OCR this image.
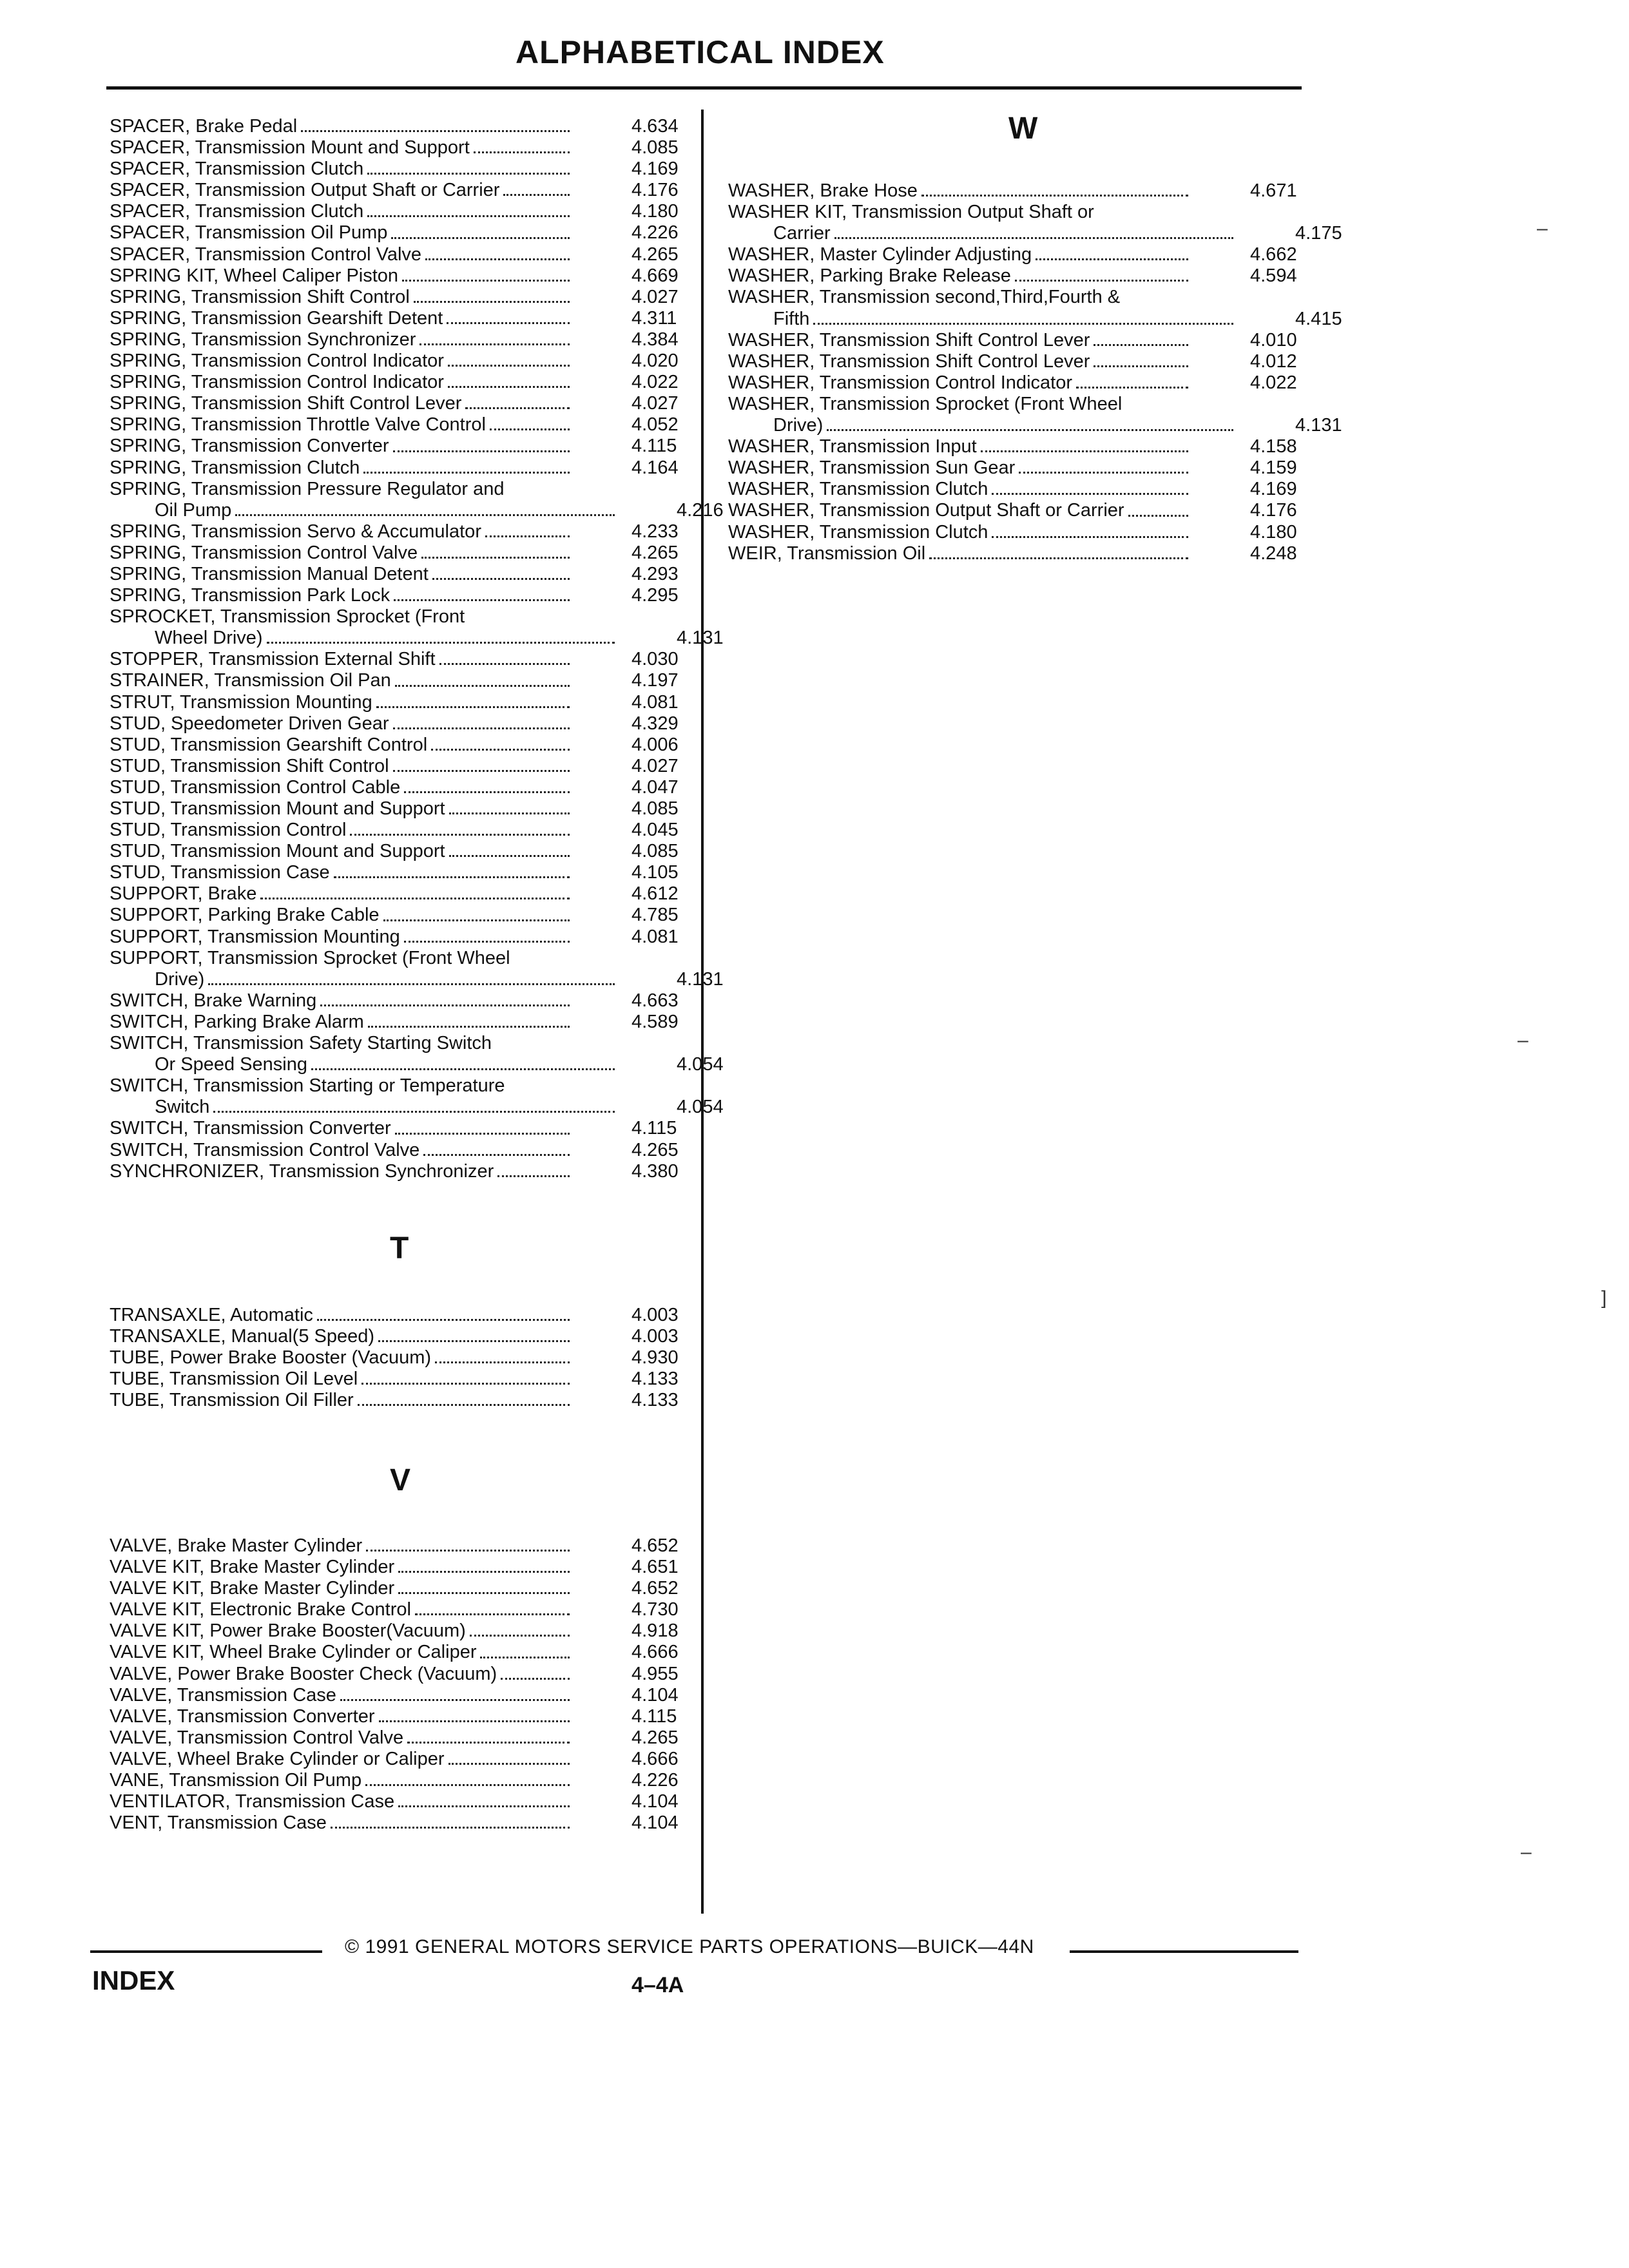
ALPHABETICAL INDEX
SPACER, Brake Pedal	4.634
SPACER, Transmission Mount and Support	4.085
SPACER, Transmission Clutch	4.169
SPACER, Transmission Output Shaft or Carrier	4.176
SPACER, Transmission Clutch	4.180
SPACER, Transmission Oil Pump	4.226
SPACER, Transmission Control Valve	4.265
SPRING KIT, Wheel Caliper Piston	4.669
SPRING, Transmission Shift Control	4.027
SPRING, Transmission Gearshift Detent	4.311
SPRING, Transmission Synchronizer	4.384
SPRING, Transmission Control Indicator	4.020
SPRING, Transmission Control Indicator	4.022
SPRING, Transmission Shift Control Lever	4.027
SPRING, Transmission Throttle Valve Control	4.052
SPRING, Transmission Converter	4.115
SPRING, Transmission Clutch	4.164
SPRING, Transmission Pressure Regulator and
Oil Pump	4.216
SPRING, Transmission Servo & Accumulator	4.233
SPRING, Transmission Control Valve	4.265
SPRING, Transmission Manual Detent	4.293
SPRING, Transmission Park Lock	4.295
SPROCKET, Transmission Sprocket (Front
Wheel Drive)	4.131
STOPPER, Transmission External Shift	4.030
STRAINER, Transmission Oil Pan	4.197
STRUT, Transmission Mounting	4.081
STUD, Speedometer Driven Gear	4.329
STUD, Transmission Gearshift Control	4.006
STUD, Transmission Shift Control	4.027
STUD, Transmission Control Cable	4.047
STUD, Transmission Mount and Support	4.085
STUD, Transmission Control	4.045
STUD, Transmission Mount and Support	4.085
STUD, Transmission Case	4.105
SUPPORT, Brake	4.612
SUPPORT, Parking Brake Cable	4.785
SUPPORT, Transmission Mounting	4.081
SUPPORT, Transmission Sprocket (Front Wheel
Drive)	4.131
SWITCH, Brake Warning	4.663
SWITCH, Parking Brake Alarm	4.589
SWITCH, Transmission Safety Starting Switch
Or Speed Sensing	4.054
SWITCH, Transmission Starting or Temperature
Switch	4.054
SWITCH, Transmission Converter	4.115
SWITCH, Transmission Control Valve	4.265
SYNCHRONIZER, Transmission Synchronizer	4.380
T
TRANSAXLE, Automatic	4.003
TRANSAXLE, Manual(5 Speed)	4.003
TUBE, Power Brake Booster (Vacuum)	4.930
TUBE, Transmission Oil Level	4.133
TUBE, Transmission Oil Filler	4.133
V
VALVE, Brake Master Cylinder	4.652
VALVE KIT, Brake Master Cylinder	4.651
VALVE KIT, Brake Master Cylinder	4.652
VALVE KIT, Electronic Brake Control	4.730
VALVE KIT, Power Brake Booster(Vacuum)	4.918
VALVE KIT, Wheel Brake Cylinder or Caliper	4.666
VALVE, Power Brake Booster Check (Vacuum)	4.955
VALVE, Transmission Case	4.104
VALVE, Transmission Converter	4.115
VALVE, Transmission Control Valve	4.265
VALVE, Wheel Brake Cylinder or Caliper	4.666
VANE, Transmission Oil Pump	4.226
VENTILATOR, Transmission Case	4.104
VENT, Transmission Case	4.104
W
WASHER, Brake Hose	4.671
WASHER KIT, Transmission Output Shaft or
Carrier	4.175
WASHER, Master Cylinder Adjusting	4.662
WASHER, Parking Brake Release	4.594
WASHER, Transmission second,Third,Fourth &
Fifth	4.415
WASHER, Transmission Shift Control Lever	4.010
WASHER, Transmission Shift Control Lever	4.012
WASHER, Transmission Control Indicator	4.022
WASHER, Transmission Sprocket (Front Wheel
Drive)	4.131
WASHER, Transmission Input	4.158
WASHER, Transmission Sun Gear	4.159
WASHER, Transmission Clutch	4.169
WASHER, Transmission Output Shaft or Carrier	4.176
WASHER, Transmission Clutch	4.180
WEIR, Transmission Oil	4.248
© 1991 GENERAL MOTORS SERVICE PARTS OPERATIONS—BUICK—44N
INDEX	4–4A
–
–
]
–
